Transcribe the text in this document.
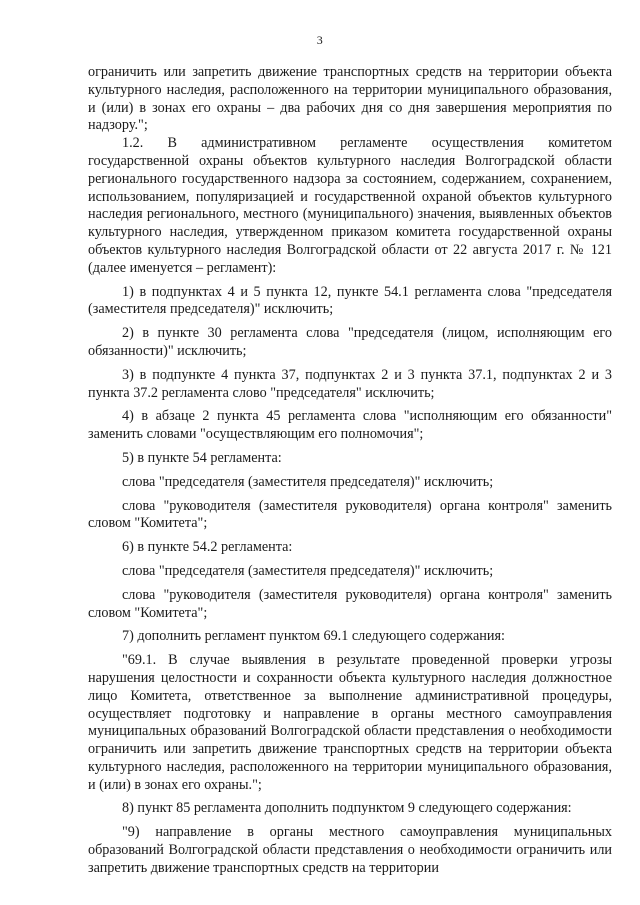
3

ограничить или запретить движение транспортных средств на территории объекта культурного наследия, расположенного на территории муниципального образования, и (или) в зонах его охраны – два рабочих дня со дня завершения мероприятия по надзору.";

1.2. В административном регламенте осуществления комитетом государственной охраны объектов культурного наследия Волгоградской области регионального государственного надзора за состоянием, содержанием, сохранением, использованием, популяризацией и государственной охраной объектов культурного наследия регионального, местного (муниципального) значения, выявленных объектов культурного наследия, утвержденном приказом комитета государственной охраны объектов культурного наследия Волгоградской области от 22 августа 2017 г. № 121 (далее именуется – регламент):

1) в подпунктах 4 и 5 пункта 12, пункте 54.1 регламента слова "председателя (заместителя председателя)" исключить;

2) в пункте 30 регламента слова "председателя (лицом, исполняющим его обязанности)" исключить;

3) в подпункте 4 пункта 37, подпунктах 2 и 3 пункта 37.1, подпунктах 2 и 3 пункта 37.2 регламента слово "председателя" исключить;

4) в абзаце 2 пункта 45 регламента слова "исполняющим его обязанности" заменить словами "осуществляющим его полномочия";

5) в пункте 54 регламента:

слова "председателя (заместителя председателя)" исключить;

слова "руководителя (заместителя руководителя) органа контроля" заменить словом "Комитета";

6) в пункте 54.2 регламента:

слова "председателя (заместителя председателя)" исключить;

слова "руководителя (заместителя руководителя) органа контроля" заменить словом "Комитета";

7) дополнить регламент пунктом 69.1 следующего содержания:

"69.1. В случае выявления в результате проведенной проверки угрозы нарушения целостности и сохранности объекта культурного наследия должностное лицо Комитета, ответственное за выполнение административной процедуры, осуществляет подготовку и направление в органы местного самоуправления муниципальных образований Волгоградской области представления о необходимости ограничить или запретить движение транспортных средств на территории объекта культурного наследия, расположенного на территории муниципального образования, и (или) в зонах его охраны.";

8) пункт 85 регламента дополнить подпунктом 9 следующего содержания:

"9) направление в органы местного самоуправления муниципальных образований Волгоградской области представления о необходимости ограничить или запретить движение транспортных средств на территории
